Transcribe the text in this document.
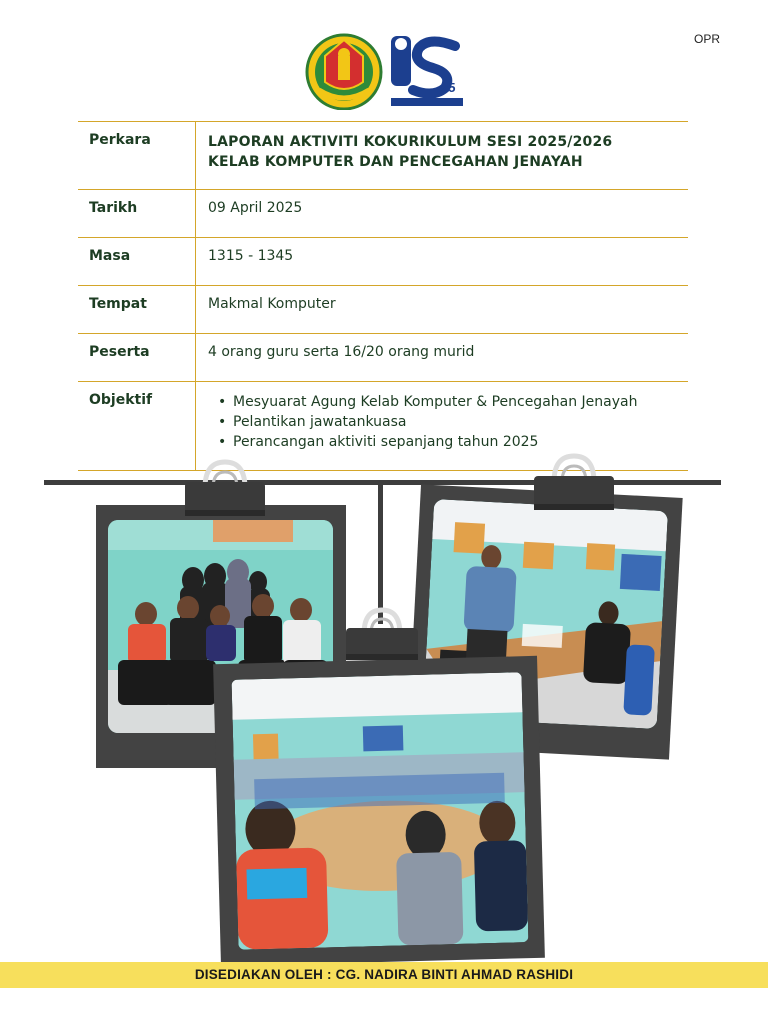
OPR
25
Perkara	LAPORAN AKTIVITI KOKURIKULUM SESI 2025/2026
KELAB KOMPUTER DAN PENCEGAHAN JENAYAH
Tarikh	09 April 2025
Masa	1315 - 1345
Tempat	Makmal Komputer
Peserta	4 orang guru serta 16/20 orang murid
Objektif
•	Mesyuarat Agung Kelab Komputer & Pencegahan Jenayah
• Pelantikan jawatankuasa
• Perancangan aktiviti sepanjang tahun 2025
DISEDIAKAN OLEH : CG. NADIRA BINTI AHMAD RASHIDI
